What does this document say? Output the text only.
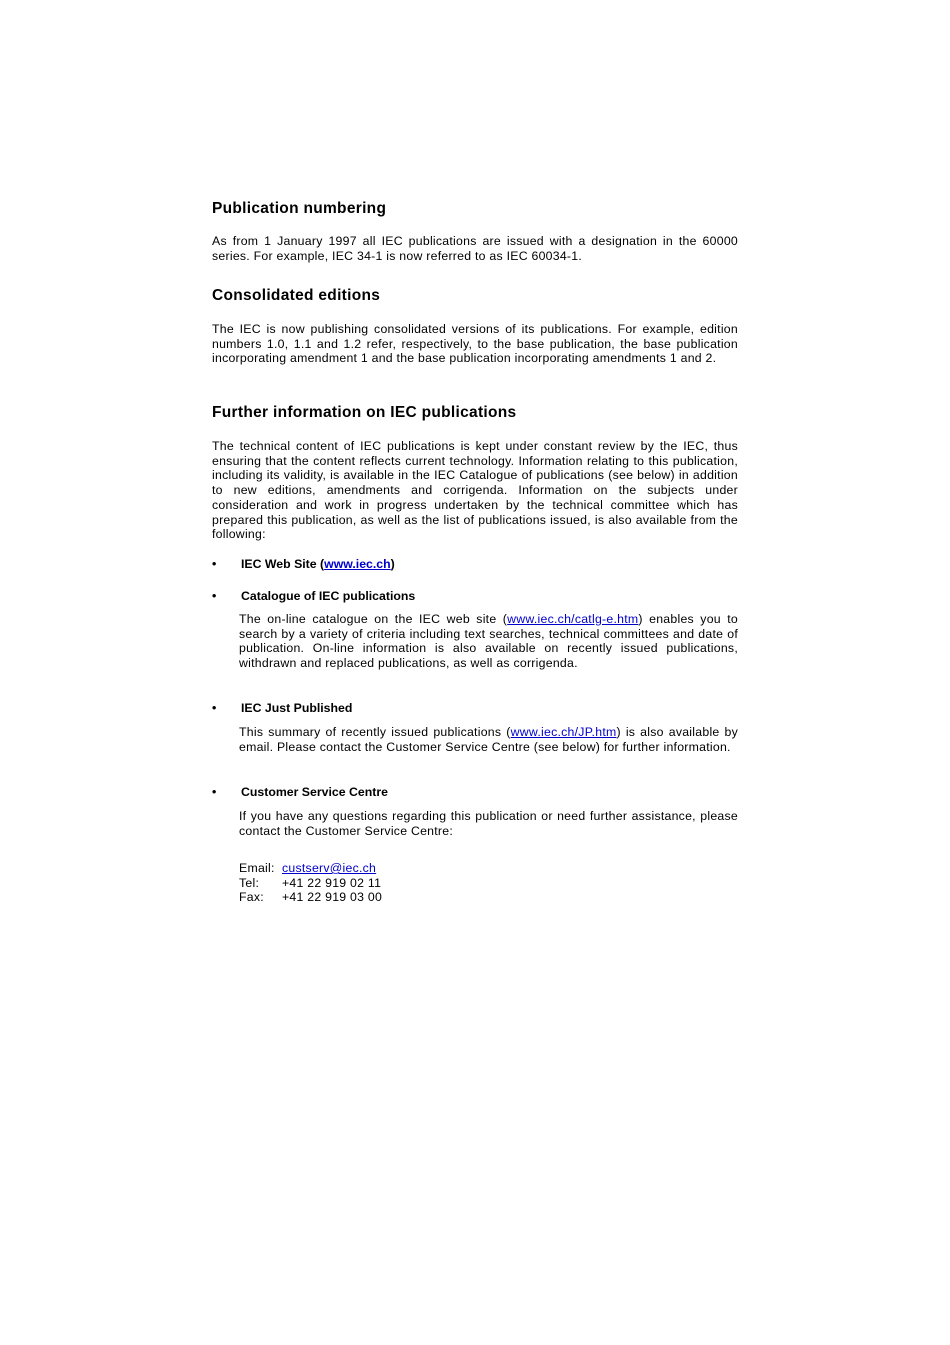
Publication numbering

As from 1 January 1997 all IEC publications are issued with a designation in the 60000 series. For example, IEC 34-1 is now referred to as IEC 60034-1.

Consolidated editions

The IEC is now publishing consolidated versions of its publications. For example, edition numbers 1.0, 1.1 and 1.2 refer, respectively, to the base publication, the base publication incorporating amendment 1 and the base publication incorporating amendments 1 and 2.

Further information on IEC publications

The technical content of IEC publications is kept under constant review by the IEC, thus ensuring that the content reflects current technology. Information relating to this publication, including its validity, is available in the IEC Catalogue of publications (see below) in addition to new editions, amendments and corrigenda. Information on the subjects under consideration and work in progress undertaken by the technical committee which has prepared this publication, as well as the list of publications issued, is also available from the following:

• IEC Web Site (www.iec.ch)
• Catalogue of IEC publications

The on-line catalogue on the IEC web site (www.iec.ch/catlg-e.htm) enables you to search by a variety of criteria including text searches, technical committees and date of publication. On-line information is also available on recently issued publications, withdrawn and replaced publications, as well as corrigenda.

• IEC Just Published

This summary of recently issued publications (www.iec.ch/JP.htm) is also available by email. Please contact the Customer Service Centre (see below) for further information.

• Customer Service Centre

If you have any questions regarding this publication or need further assistance, please contact the Customer Service Centre:

Email: custserv@iec.ch
Tel: +41 22 919 02 11
Fax: +41 22 919 03 00
